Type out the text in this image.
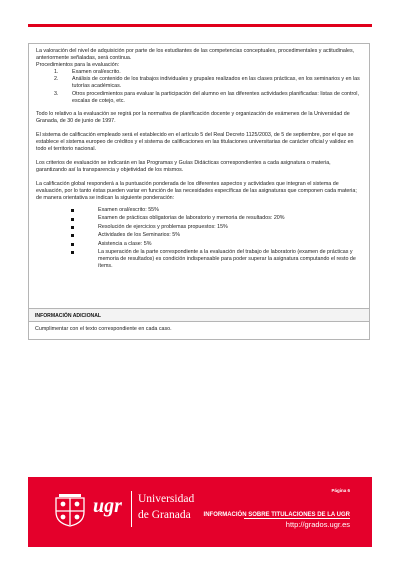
La valoración del nivel de adquisición por parte de los estudiantes de las competencias conceptuales, procedimentales y actitudinales, anteriormente señaladas, será continua.

Procedimientos para la evaluación:

1.	Examen oral/escrito.
2.	Análisis de contenido de los trabajos individuales y grupales realizados en las clases prácticas, en los seminarios y en las tutorías académicas.
3.	Otros procedimientos para evaluar la participación del alumno en las diferentes actividades planificadas: listas de control, escalas de cotejo, etc.

Todo lo relativo a la evaluación se regirá por la normativa de planificación docente y organización de exámenes de la Universidad de Granada, de 30 de junio de 1997.

El sistema de calificación empleado será el establecido en el artículo 5 del Real Decreto 1125/2003, de 5 de septiembre, por el que se establece el sistema europeo de créditos y el sistema de calificaciones en las titulaciones universitarias de carácter oficial y validez en todo el territorio nacional.

Los criterios de evaluación se indicarán en las Programas y Guías Didácticas correspondientes a cada asignatura o materia, garantizando así la transparencia y objetividad de los mismos.

La calificación global responderá a la puntuación ponderada de los diferentes aspectos y actividades que integran el sistema de evaluación, por lo tanto éstas pueden variar en función de las necesidades específicas de las asignaturas que componen cada materia; de manera orientativa se indican la siguiente ponderación:

Examen oral/escrito: 55%
Examen de prácticas obligatorias de laboratorio y memoria de resultados: 20%
Resolución de ejercicios y problemas propuestos: 15%
Actividades de los Seminarios: 5%
Asistencia a clase: 5%
La superación de la parte correspondiente a la evaluación del trabajo de laboratorio (examen de prácticas y memoria de resultados) es condición indispensable para poder superar la asignatura computando el resto de ítems.
INFORMACIÓN ADICIONAL
Cumplimentar con el texto correspondiente en cada caso.
ugr Universidad
de Granada
Página 6
INFORMACIÓN SOBRE TITULACIONES DE LA UGR
http://grados.ugr.es
